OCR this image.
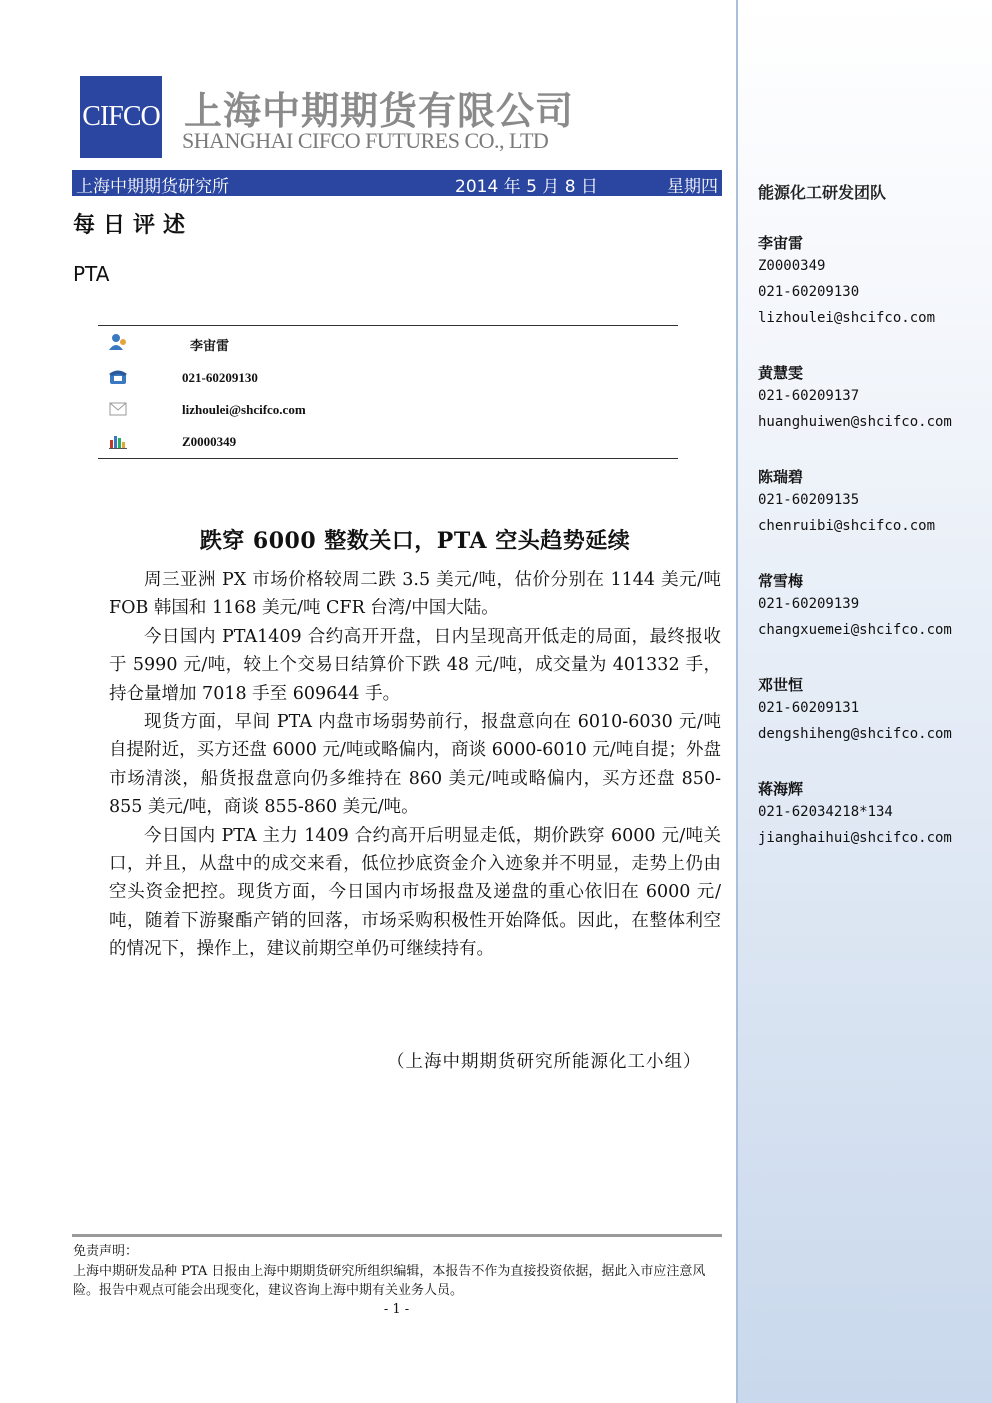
能源化工研发团队
李宙雷
Z0000349
021-60209130
lizhoulei@shcifco.com
黄慧雯
021-60209137
huanghuiwen@shcifco.com
陈瑞碧
021-60209135
chenruibi@shcifco.com
常雪梅
021-60209139
changxuemei@shcifco.com
邓世恒
021-60209131
dengshiheng@shcifco.com
蒋海辉
021-62034218*134
jianghaihui@shcifco.com
CIFCO 上海中期期货有限公司
SHANGHAI CIFCO FUTURES CO., LTD
上海中期期货研究所	2014 年 5 月 8 日	星期四
每日评述
PTA
李宙雷
021-60209130
lizhoulei@shcifco.com
Z0000349
跌穿 6000 整数关口，PTA 空头趋势延续

周三亚洲 PX 市场价格较周二跌 3.5 美元/吨，估价分别在 1144 美元/吨 FOB 韩国和 1168 美元/吨 CFR 台湾/中国大陆。

今日国内 PTA1409 合约高开开盘，日内呈现高开低走的局面，最终报收于 5990 元/吨，较上个交易日结算价下跌 48 元/吨，成交量为 401332 手，持仓量增加 7018 手至 609644 手。

现货方面，早间 PTA 内盘市场弱势前行，报盘意向在 6010-6030 元/吨自提附近，买方还盘 6000 元/吨或略偏内，商谈 6000-6010 元/吨自提；外盘市场清淡，船货报盘意向仍多维持在 860 美元/吨或略偏内，买方还盘 850-855 美元/吨，商谈 855-860 美元/吨。

今日国内 PTA 主力 1409 合约高开后明显走低，期价跌穿 6000 元/吨关口，并且，从盘中的成交来看，低位抄底资金介入迹象并不明显，走势上仍由空头资金把控。现货方面，今日国内市场报盘及递盘的重心依旧在 6000 元/吨，随着下游聚酯产销的回落，市场采购积极性开始降低。因此，在整体利空的情况下，操作上，建议前期空单仍可继续持有。

（上海中期期货研究所能源化工小组）
免责声明：
上海中期研发品种 PTA 日报由上海中期期货研究所组织编辑，本报告不作为直接投资依据，据此入市应注意风险。报告中观点可能会出现变化，建议咨询上海中期有关业务人员。
- 1 -
